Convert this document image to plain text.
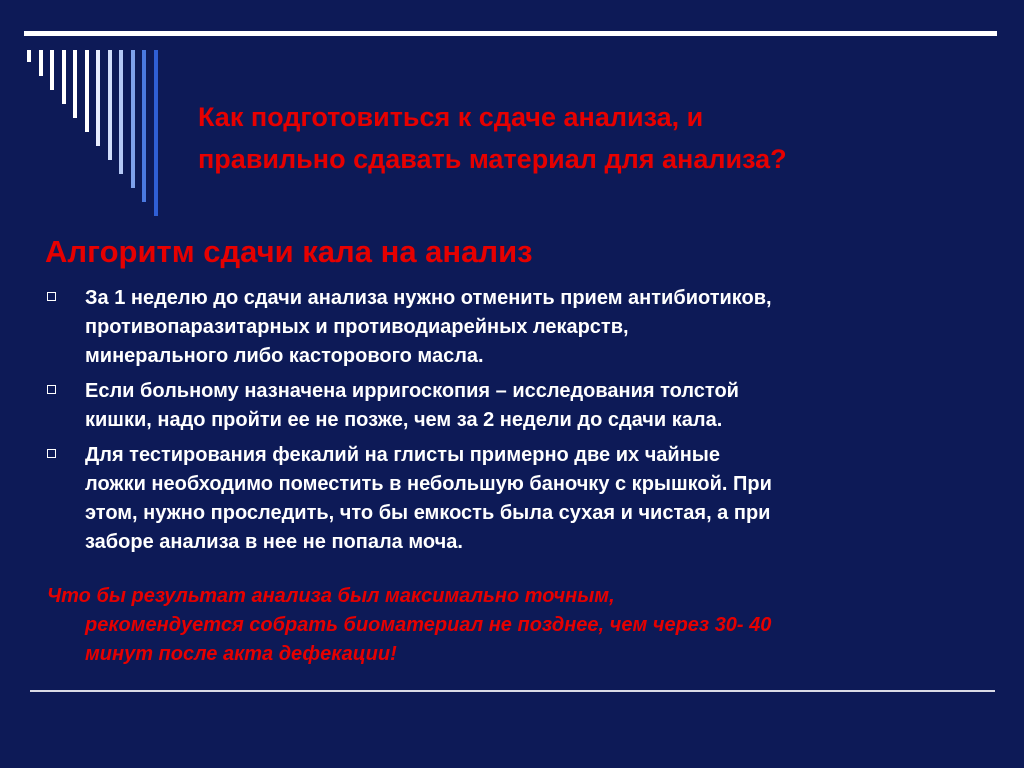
Как подготовиться к сдаче анализа, и
правильно сдавать материал для анализа?
Алгоритм сдачи кала на анализ
За 1 неделю до сдачи анализа нужно отменить прием антибиотиков,
противопаразитарных и противодиарейных лекарств,
минерального либо касторового масла.
Если больному назначена ирригоскопия – исследования толстой
кишки, надо пройти ее не позже, чем за 2 недели до сдачи кала.
Для тестирования фекалий на глисты примерно две их чайные
ложки необходимо поместить в небольшую баночку с крышкой. При
этом, нужно проследить, что бы емкость была сухая и чистая, а при
заборе анализа в нее не попала моча.

Что бы результат анализа был максимально точным,
рекомендуется собрать биоматериал не позднее, чем через 30- 40
минут после акта дефекации!
